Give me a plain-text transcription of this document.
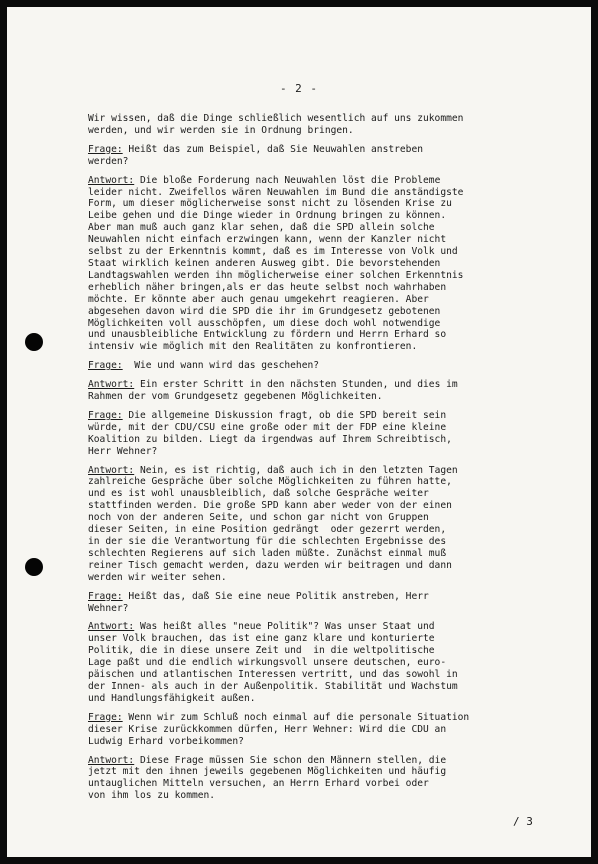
- 2 -
Wir wissen, daß die Dinge schließlich wesentlich auf uns zukommen
werden, und wir werden sie in Ordnung bringen.
Frage: Heißt das zum Beispiel, daß Sie Neuwahlen anstreben
werden?
Antwort: Die bloße Forderung nach Neuwahlen löst die Probleme
leider nicht. Zweifellos wären Neuwahlen im Bund die anständigste
Form, um dieser möglicherweise sonst nicht zu lösenden Krise zu
Leibe gehen und die Dinge wieder in Ordnung bringen zu können.
Aber man muß auch ganz klar sehen, daß die SPD allein solche
Neuwahlen nicht einfach erzwingen kann, wenn der Kanzler nicht
selbst zu der Erkenntnis kommt, daß es im Interesse von Volk und
Staat wirklich keinen anderen Ausweg gibt. Die bevorstehenden
Landtagswahlen werden ihn möglicherweise einer solchen Erkenntnis
erheblich näher bringen,als er das heute selbst noch wahrhaben
möchte. Er könnte aber auch genau umgekehrt reagieren. Aber
abgesehen davon wird die SPD die ihr im Grundgesetz gebotenen
Möglichkeiten voll ausschöpfen, um diese doch wohl notwendige
und unausbleibliche Entwicklung zu fördern und Herrn Erhard so
intensiv wie möglich mit den Realitäten zu konfrontieren.
Frage:  Wie und wann wird das geschehen?
Antwort: Ein erster Schritt in den nächsten Stunden, und dies im
Rahmen der vom Grundgesetz gegebenen Möglichkeiten.
Frage: Die allgemeine Diskussion fragt, ob die SPD bereit sein
würde, mit der CDU/CSU eine große oder mit der FDP eine kleine
Koalition zu bilden. Liegt da irgendwas auf Ihrem Schreibtisch,
Herr Wehner?
Antwort: Nein, es ist richtig, daß auch ich in den letzten Tagen
zahlreiche Gespräche über solche Möglichkeiten zu führen hatte,
und es ist wohl unausbleiblich, daß solche Gespräche weiter
stattfinden werden. Die große SPD kann aber weder von der einen
noch von der anderen Seite, und schon gar nicht von Gruppen
dieser Seiten, in eine Position gedrängt  oder gezerrt werden,
in der sie die Verantwortung für die schlechten Ergebnisse des
schlechten Regierens auf sich laden müßte. Zunächst einmal muß
reiner Tisch gemacht werden, dazu werden wir beitragen und dann
werden wir weiter sehen.
Frage: Heißt das, daß Sie eine neue Politik anstreben, Herr
Wehner?
Antwort: Was heißt alles "neue Politik"? Was unser Staat und
unser Volk brauchen, das ist eine ganz klare und konturierte
Politik, die in diese unsere Zeit und  in die weltpolitische
Lage paßt und die endlich wirkungsvoll unsere deutschen, euro-
päischen und atlantischen Interessen vertritt, und das sowohl in
der Innen- als auch in der Außenpolitik. Stabilität und Wachstum
und Handlungsfähigkeit außen.
Frage: Wenn wir zum Schluß noch einmal auf die personale Situation
dieser Krise zurückkommen dürfen, Herr Wehner: Wird die CDU an
Ludwig Erhard vorbeikommen?
Antwort: Diese Frage müssen Sie schon den Männern stellen, die
jetzt mit den ihnen jeweils gegebenen Möglichkeiten und häufig
untauglichen Mitteln versuchen, an Herrn Erhard vorbei oder
von ihm los zu kommen.
/ 3
